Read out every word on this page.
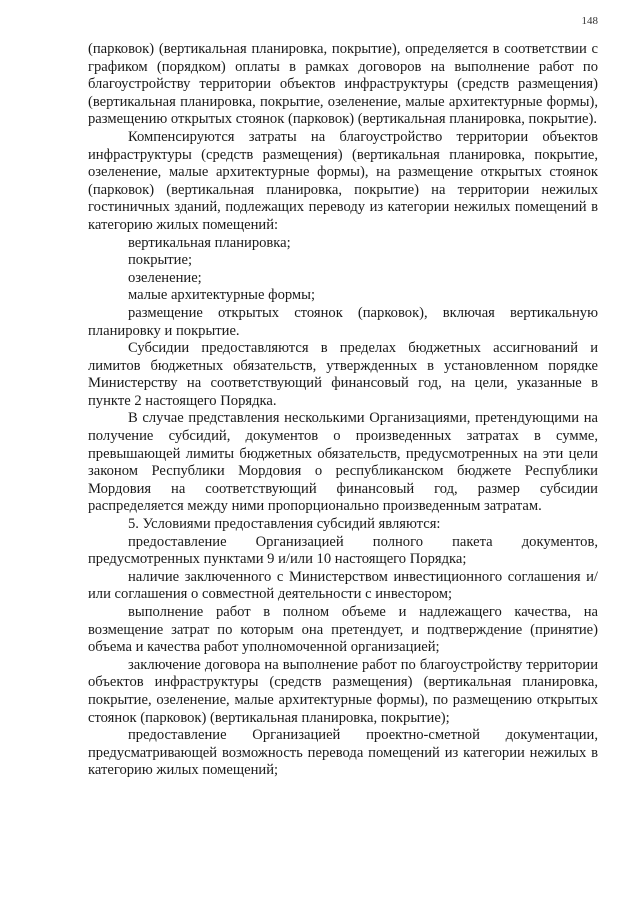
148

(парковок) (вертикальная планировка, покрытие), определяется в соответствии с графиком (порядком) оплаты в рамках договоров на выполнение работ по благоустройству территории объектов инфраструктуры (средств размещения) (вертикальная планировка, покрытие, озеленение, малые архитектурные формы), размещению открытых стоянок (парковок) (вертикальная планировка, покрытие).

Компенсируются затраты на благоустройство территории объектов инфраструктуры (средств размещения) (вертикальная планировка, покрытие, озеленение, малые архитектурные формы), на размещение открытых стоянок (парковок) (вертикальная планировка, покрытие) на территории нежилых гостиничных зданий, подлежащих переводу из категории нежилых помещений в категорию жилых помещений:

вертикальная планировка;

покрытие;

озеленение;

малые архитектурные формы;

размещение открытых стоянок (парковок), включая вертикальную планировку и покрытие.

Субсидии предоставляются в пределах бюджетных ассигнований и лимитов бюджетных обязательств, утвержденных в установленном порядке Министерству на соответствующий финансовый год, на цели, указанные в пункте 2 настоящего Порядка.

В случае представления несколькими Организациями, претендующими на получение субсидий, документов о произведенных затратах в сумме, превышающей лимиты бюджетных обязательств, предусмотренных на эти цели законом Республики Мордовия о республиканском бюджете Республики Мордовия на соответствующий финансовый год, размер субсидии распределяется между ними пропорционально произведенным затратам.

5. Условиями предоставления субсидий являются:

предоставление Организацией полного пакета документов, предусмотренных пунктами 9 и/или 10 настоящего Порядка;

наличие заключенного с Министерством инвестиционного соглашения и/или соглашения о совместной деятельности с инвестором;

выполнение работ в полном объеме и надлежащего качества, на возмещение затрат по которым она претендует, и подтверждение (принятие) объема и качества работ уполномоченной организацией;

заключение договора на выполнение работ по благоустройству территории объектов инфраструктуры (средств размещения) (вертикальная планировка, покрытие, озеленение, малые архитектурные формы), по размещению открытых стоянок (парковок) (вертикальная планировка, покрытие);

предоставление Организацией проектно-сметной документации, предусматривающей возможность перевода помещений из категории нежилых в категорию жилых помещений;
